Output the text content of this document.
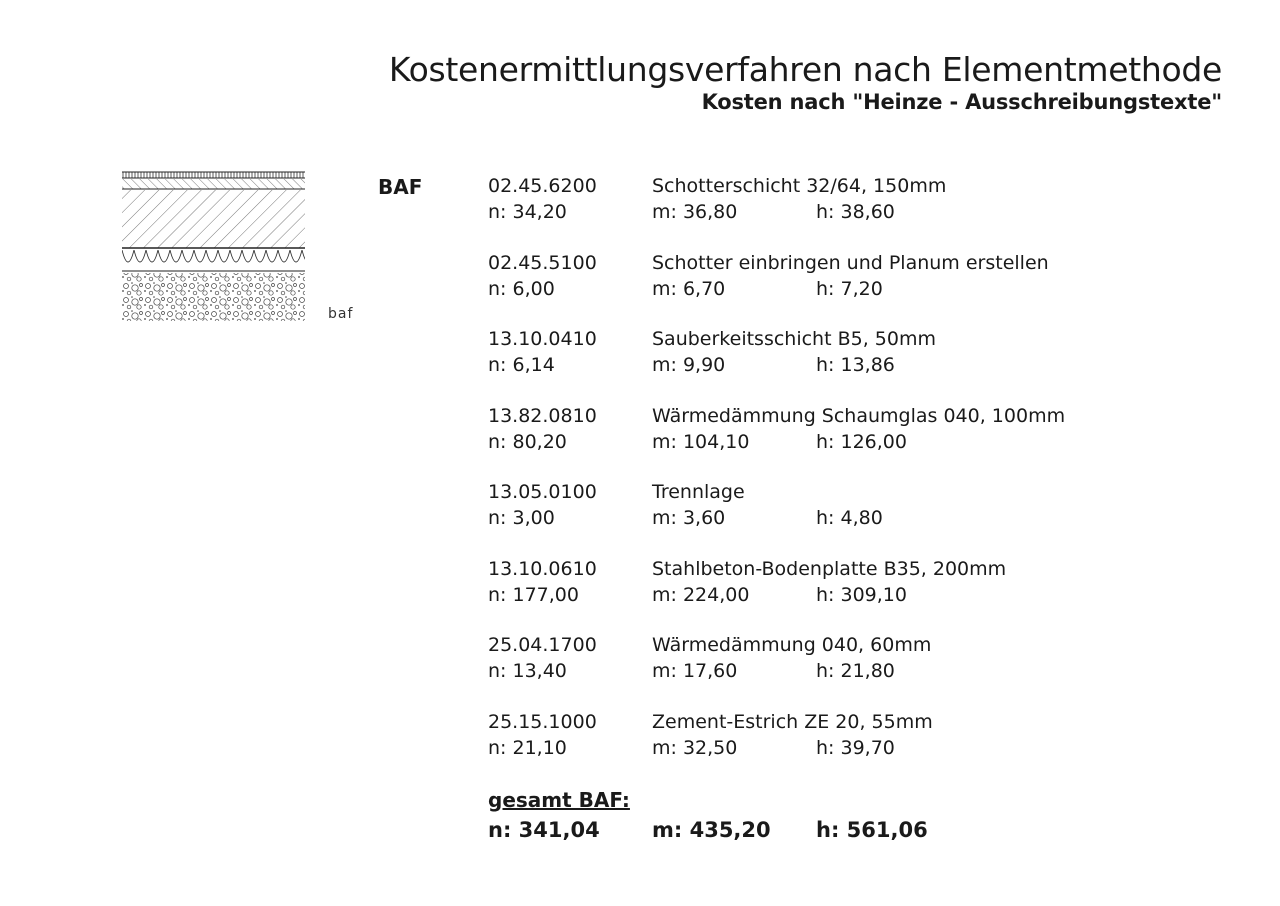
Kostenermittlungsverfahren nach Elementmethode
Kosten nach "Heinze - Ausschreibungstexte"
baf
BAF	02.45.6200	Schotterschicht 32/64, 150mm
n: 34,20	m: 36,80	h: 38,60
02.45.5100	Schotter einbringen und Planum erstellen
n: 6,00	m: 6,70	h: 7,20
13.10.0410	Sauberkeitsschicht B5, 50mm
n: 6,14	m: 9,90	h: 13,86
13.82.0810	Wärmedämmung Schaumglas 040, 100mm
n: 80,20	m: 104,10	h: 126,00
13.05.0100	Trennlage
n: 3,00	m: 3,60	h: 4,80
13.10.0610	Stahlbeton-Bodenplatte B35, 200mm
n: 177,00	m: 224,00	h: 309,10
25.04.1700	Wärmedämmung 040, 60mm
n: 13,40	m: 17,60	h: 21,80
25.15.1000	Zement-Estrich ZE 20, 55mm
n: 21,10	m: 32,50	h: 39,70
gesamt BAF:
n: 341,04 m: 435,20 h: 561,06
